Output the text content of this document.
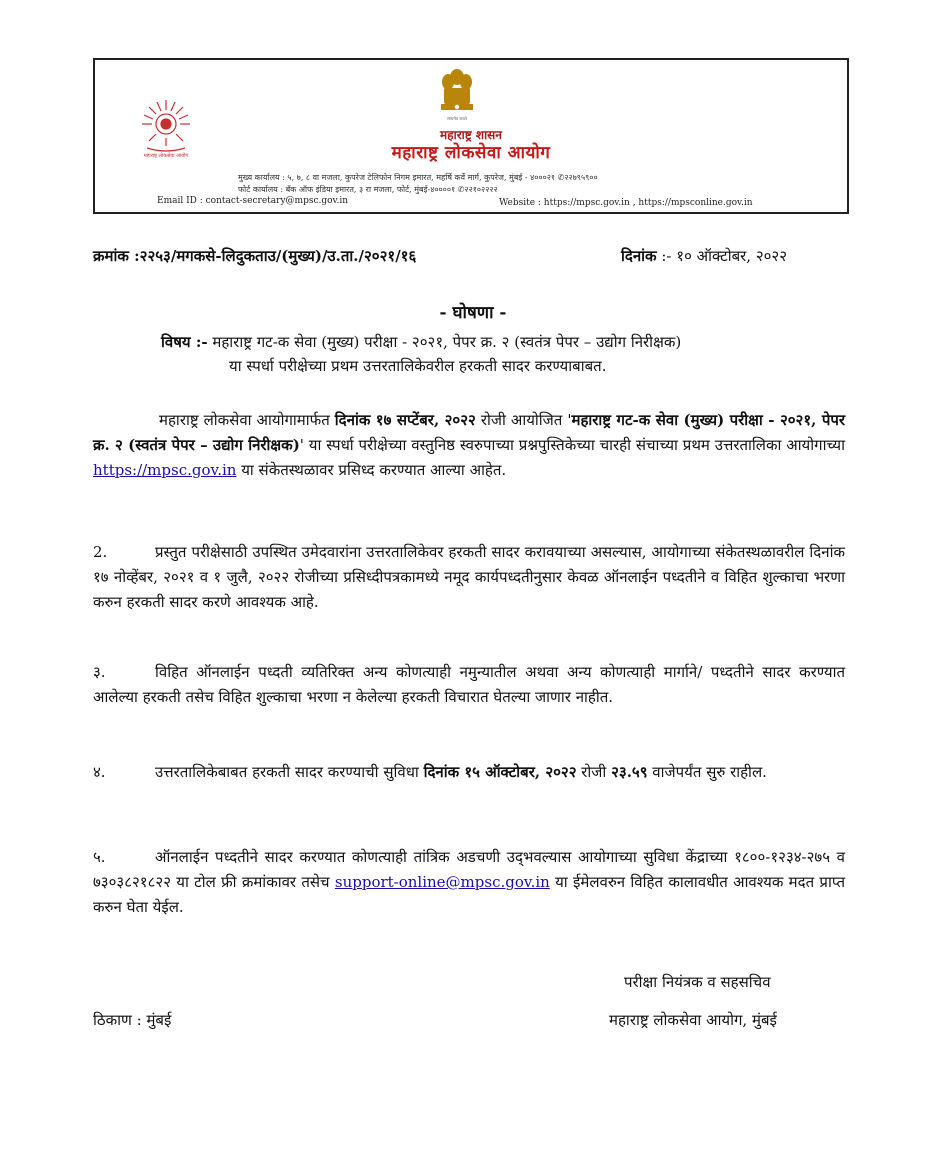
महाराष्ट्र लोकसेवा आयोग
सत्यमेव जयते
महाराष्ट्र शासन
महाराष्ट्र लोकसेवा आयोग
मुख्य कार्यालय : ५, ७, ८ वा मजला, कुपरेज टेलिफोन निगम इमारत, महर्षि कर्वे मार्ग, कुपरेज, मुंबई - ४०००२१ ✆२२७९५९००
फोर्ट कार्यालय : बँक ऑफ इंडिया इमारत, ३ रा मजला, फोर्ट, मुंबई-४००००१ ✆२२१०२२२२
Email ID : contact-secretary@mpsc.gov.in	Website : https://mpsc.gov.in , https://mpsconline.gov.in
क्रमांक :२२५३/मगकसे-लिदुकताउ/(मुख्य)/उ.ता./२०२१/१६	दिनांक :- १० ऑक्टोबर, २०२२
- घोषणा -
विषय :- महाराष्ट्र गट-क सेवा (मुख्य) परीक्षा - २०२१, पेपर क्र. २ (स्वतंत्र पेपर – उद्योग निरीक्षक)
या स्पर्धा परीक्षेच्या प्रथम उत्तरतालिकेवरील हरकती सादर करण्याबाबत.
महाराष्ट्र लोकसेवा आयोगामार्फत दिनांक १७ सप्टेंबर, २०२२ रोजी आयोजित 'महाराष्ट्र गट-क सेवा (मुख्य) परीक्षा - २०२१, पेपर क्र. २ (स्वतंत्र पेपर – उद्योग निरीक्षक)' या स्पर्धा परीक्षेच्या वस्तुनिष्ठ स्वरुपाच्या प्रश्नपुस्तिकेच्या चारही संचाच्या प्रथम उत्तरतालिका आयोगाच्या https://mpsc.gov.in या संकेतस्थळावर प्रसिध्द करण्यात आल्या आहेत.
2.	प्रस्तुत परीक्षेसाठी उपस्थित उमेदवारांना उत्तरतालिकेवर हरकती सादर करावयाच्या असल्यास, आयोगाच्या संकेतस्थळावरील दिनांक १७ नोव्हेंबर, २०२१ व १ जुलै, २०२२ रोजीच्या प्रसिध्दीपत्रकामध्ये नमूद कार्यपध्दतीनुसार केवळ ऑनलाईन पध्दतीने व विहित शुल्काचा भरणा करुन हरकती सादर करणे आवश्यक आहे.
३.	विहित ऑनलाईन पध्दती व्यतिरिक्त अन्य कोणत्याही नमुन्यातील अथवा अन्य कोणत्याही मार्गाने/ पध्दतीने सादर करण्यात आलेल्या हरकती तसेच विहित शुल्काचा भरणा न केलेल्या हरकती विचारात घेतल्या जाणार नाहीत.
४.	उत्तरतालिकेबाबत हरकती सादर करण्याची सुविधा दिनांक १५ ऑक्टोबर, २०२२ रोजी २३.५९ वाजेपर्यंत सुरु राहील.
५.	ऑनलाईन पध्दतीने सादर करण्यात कोणत्याही तांत्रिक अडचणी उद्‌भवल्यास आयोगाच्या सुविधा केंद्राच्या १८००-१२३४-२७५ व ७३०३८२१८२२ या टोल फ्री क्रमांकावर तसेच support-online@mpsc.gov.in या ईमेलवरुन विहित कालावधीत आवश्यक मदत प्राप्त करुन घेता येईल.
परीक्षा नियंत्रक व सहसचिव
ठिकाण : मुंबई	महाराष्ट्र लोकसेवा आयोग, मुंबई
